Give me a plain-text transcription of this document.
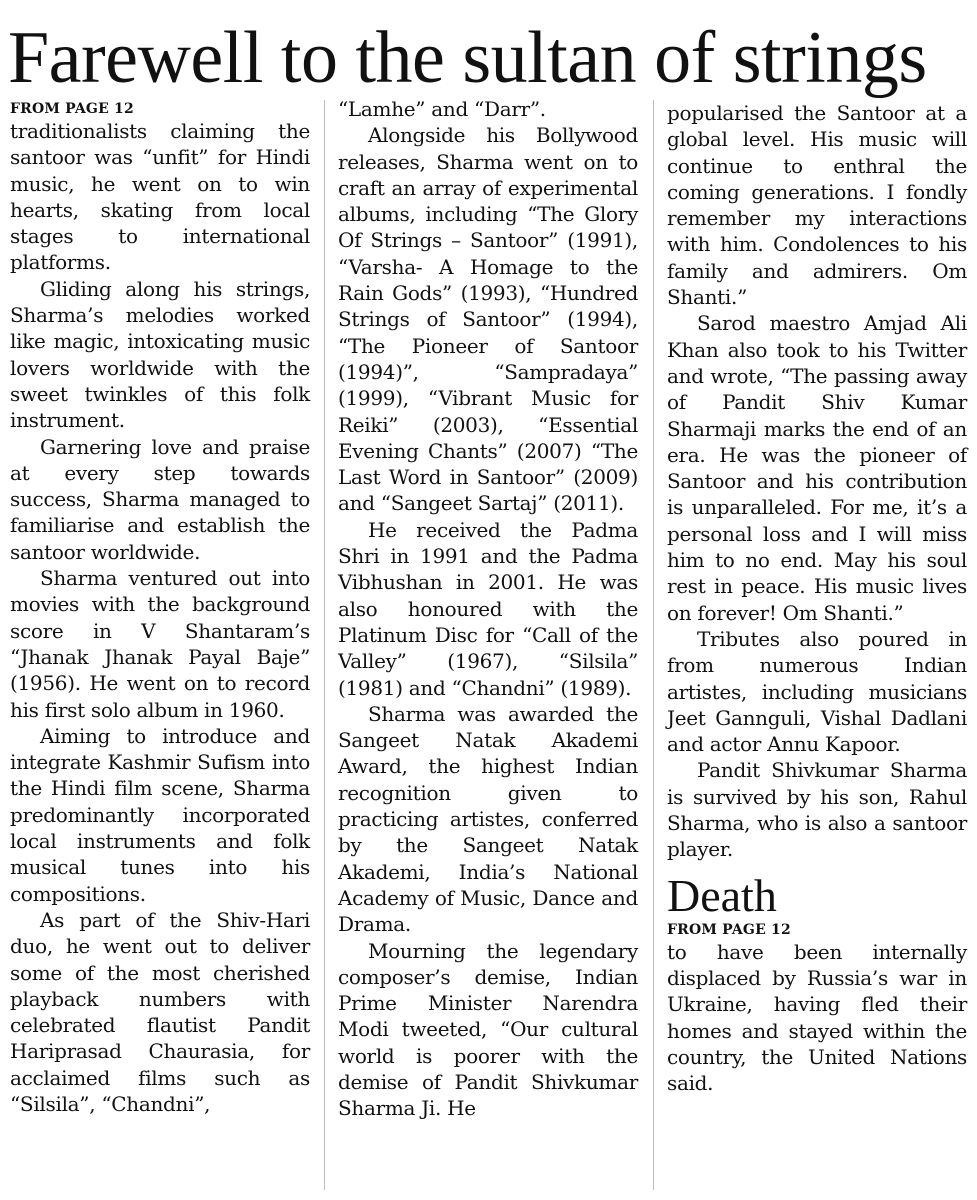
Farewell to the sultan of strings
FROM PAGE 12

traditionalists claiming the santoor was “unfit” for Hindi music, he went on to win hearts, skating from local stages to international platforms.

Gliding along his strings, Sharma’s melodies worked like magic, intoxicating music lovers worldwide with the sweet twinkles of this folk instrument.

Garnering love and praise at every step towards success, Sharma managed to familiarise and establish the santoor worldwide.

Sharma ventured out into movies with the background score in V Shantaram’s “Jhanak Jhanak Payal Baje” (1956). He went on to record his first solo album in 1960.

Aiming to introduce and integrate Kashmir Sufism into the Hindi film scene, Sharma predominantly incorporated local instruments and folk musical tunes into his compositions.

As part of the Shiv-Hari duo, he went out to deliver some of the most cherished playback numbers with celebrated flautist Pandit Hariprasad Chaurasia, for acclaimed films such as “Silsila”, “Chandni”,

“Lamhe” and “Darr”.

Alongside his Bollywood releases, Sharma went on to craft an array of experimental albums, including “The Glory Of Strings – Santoor” (1991), “Varsha- A Homage to the Rain Gods” (1993), “Hundred Strings of Santoor” (1994), “The Pioneer of Santoor (1994)”, “Sampradaya” (1999), “Vibrant Music for Reiki” (2003), “Essential Evening Chants” (2007) “The Last Word in Santoor” (2009) and “Sangeet Sartaj” (2011).

He received the Padma Shri in 1991 and the Padma Vibhushan in 2001. He was also honoured with the Platinum Disc for “Call of the Valley” (1967), “Silsila” (1981) and “Chandni” (1989).

Sharma was awarded the Sangeet Natak Akademi Award, the highest Indian recognition given to practicing artistes, conferred by the Sangeet Natak Akademi, India’s National Academy of Music, Dance and Drama.

Mourning the legendary composer’s demise, Indian Prime Minister Narendra Modi tweeted, “Our cultural world is poorer with the demise of Pandit Shivkumar Sharma Ji. He

popularised the Santoor at a global level. His music will continue to enthral the coming generations. I fondly remember my interactions with him. Condolences to his family and admirers. Om Shanti.”

Sarod maestro Amjad Ali Khan also took to his Twitter and wrote, “The passing away of Pandit Shiv Kumar Sharmaji marks the end of an era. He was the pioneer of Santoor and his contribution is unparalleled. For me, it’s a personal loss and I will miss him to no end. May his soul rest in peace. His music lives on forever! Om Shanti.”

Tributes also poured in from numerous Indian artistes, including musicians Jeet Gannguli, Vishal Dadlani and actor Annu Kapoor.

Pandit Shivkumar Sharma is survived by his son, Rahul Sharma, who is also a santoor player.

Death
FROM PAGE 12

to have been internally displaced by Russia’s war in Ukraine, having fled their homes and stayed within the country, the United Nations said.
